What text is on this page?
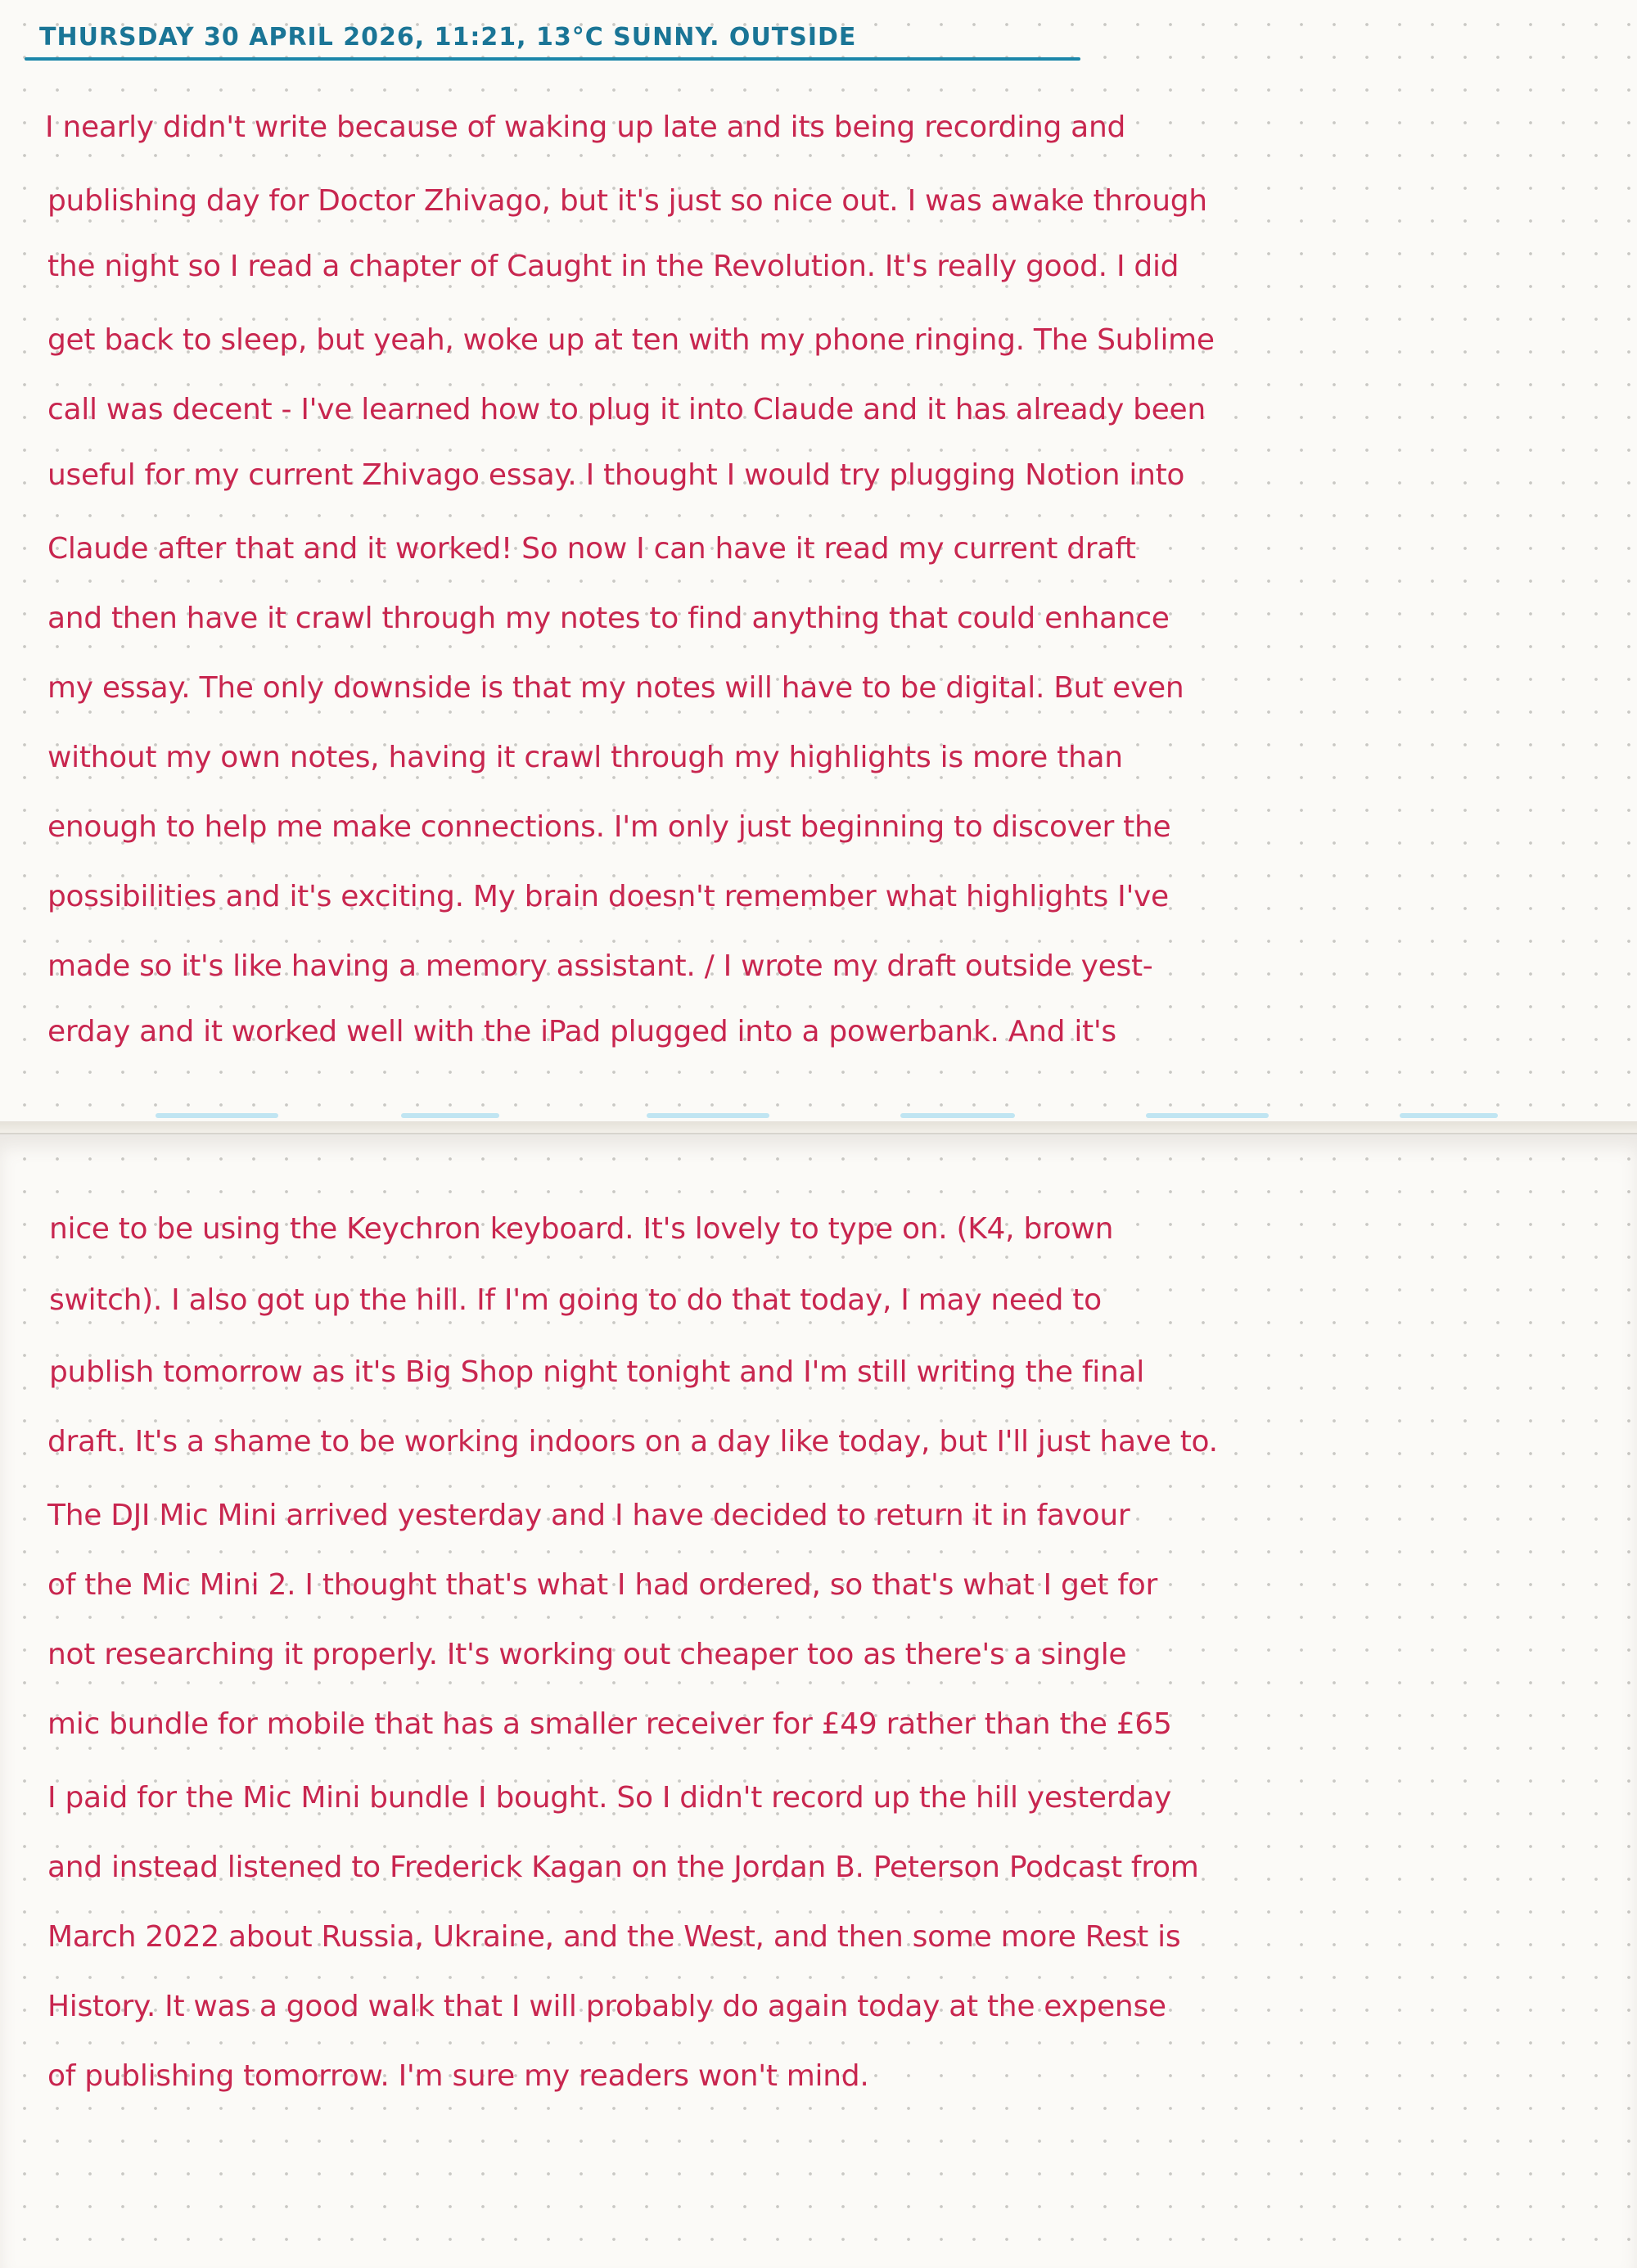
THURSDAY 30 APRIL 2026, 11:21, 13°C SUNNY. OUTSIDE
I nearly didn't write because of waking up late and its being recording and
publishing day for Doctor Zhivago, but it's just so nice out. I was awake through
the night so I read a chapter of Caught in the Revolution. It's really good. I did
get back to sleep, but yeah, woke up at ten with my phone ringing. The Sublime
call was decent - I've learned how to plug it into Claude and it has already been
useful for my current Zhivago essay. I thought I would try plugging Notion into
Claude after that and it worked! So now I can have it read my current draft
and then have it crawl through my notes to find anything that could enhance
my essay. The only downside is that my notes will have to be digital. But even
without my own notes, having it crawl through my highlights is more than
enough to help me make connections. I'm only just beginning to discover the
possibilities and it's exciting. My brain doesn't remember what highlights I've
made so it's like having a memory assistant. / I wrote my draft outside yest-
erday and it worked well with the iPad plugged into a powerbank. And it's
nice to be using the Keychron keyboard. It's lovely to type on. (K4, brown
switch). I also got up the hill. If I'm going to do that today, I may need to
publish tomorrow as it's Big Shop night tonight and I'm still writing the final
draft. It's a shame to be working indoors on a day like today, but I'll just have to.
The DJI Mic Mini arrived yesterday and I have decided to return it in favour
of the Mic Mini 2. I thought that's what I had ordered, so that's what I get for
not researching it properly. It's working out cheaper too as there's a single
mic bundle for mobile that has a smaller receiver for £49 rather than the £65
I paid for the Mic Mini bundle I bought. So I didn't record up the hill yesterday
and instead listened to Frederick Kagan on the Jordan B. Peterson Podcast from
March 2022 about Russia, Ukraine, and the West, and then some more Rest is
History. It was a good walk that I will probably do again today at the expense
of publishing tomorrow. I'm sure my readers won't mind.
